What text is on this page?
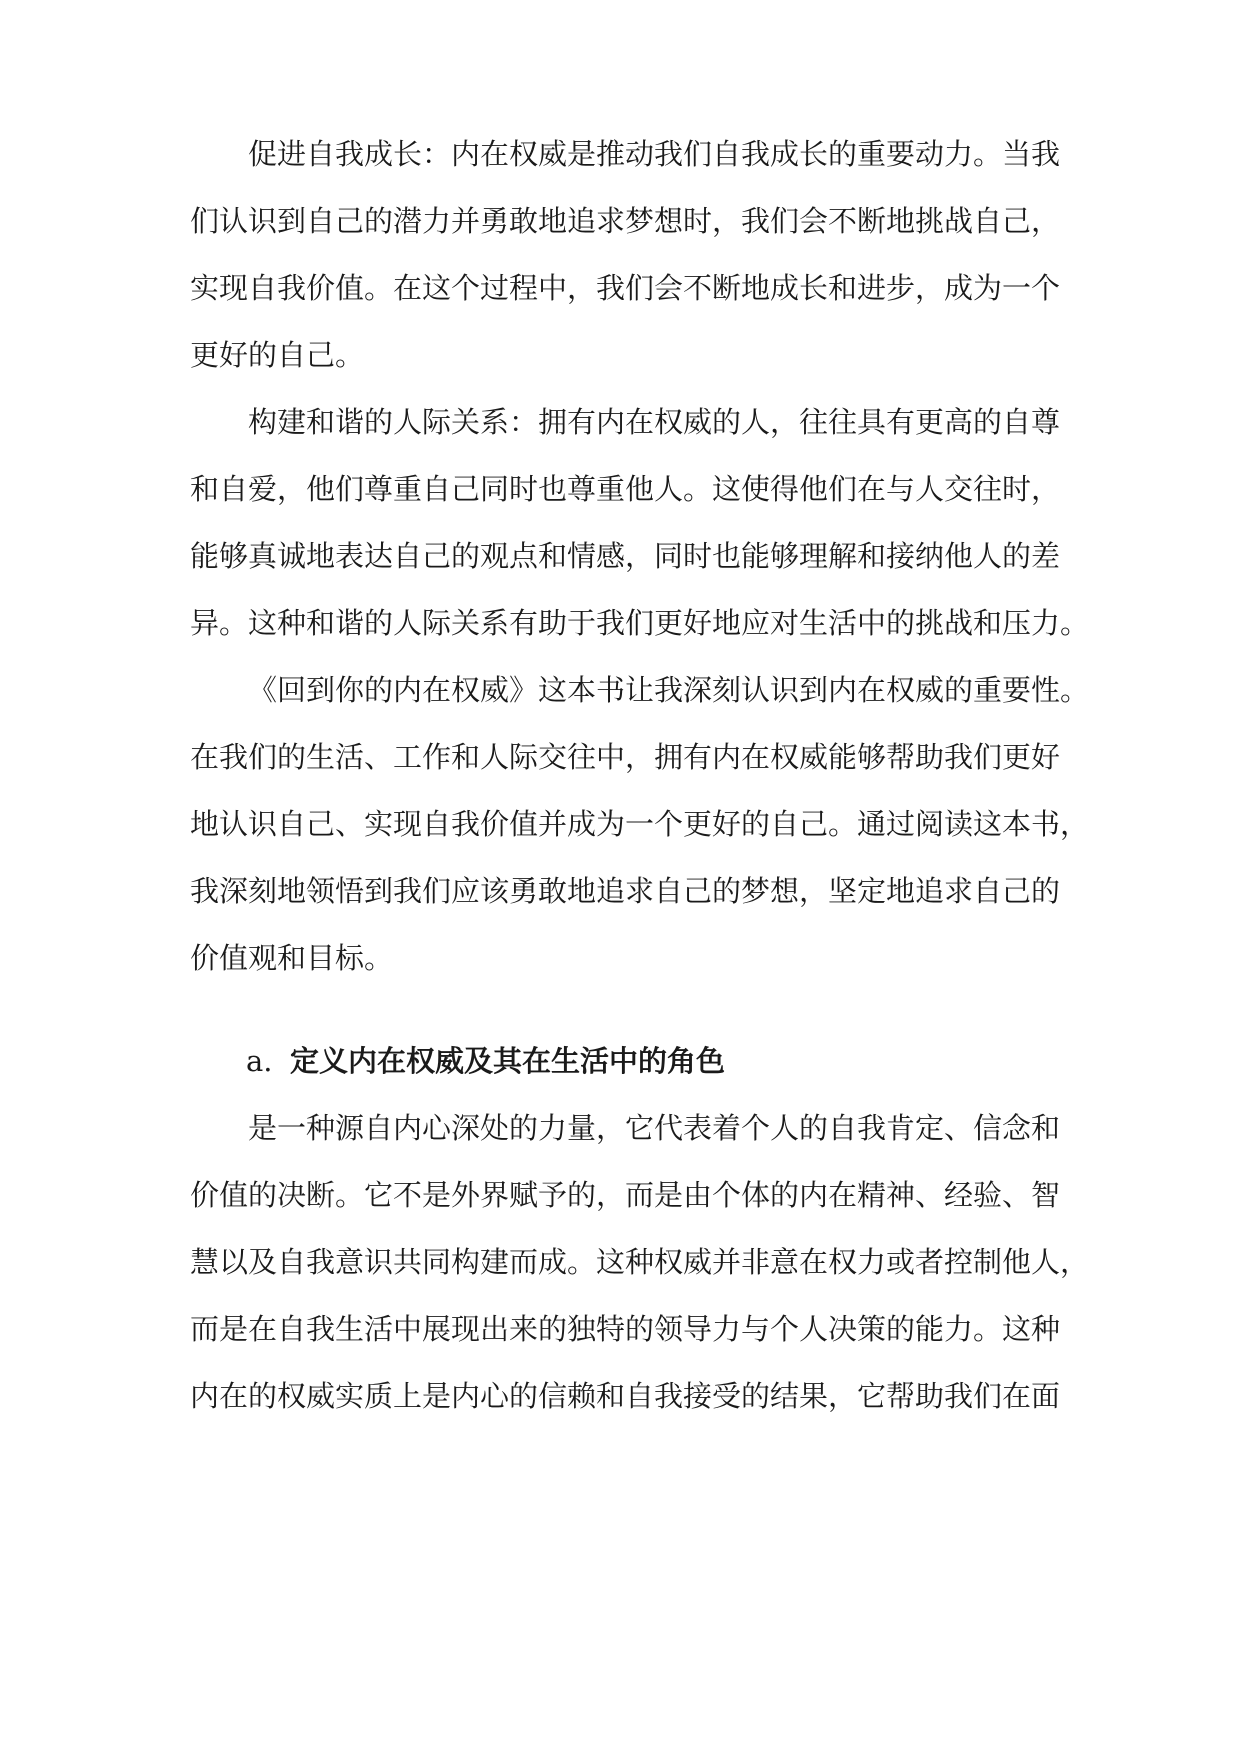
促进自我成长：内在权威是推动我们自我成长的重要动力。当我
们认识到自己的潜力并勇敢地追求梦想时，我们会不断地挑战自己，
实现自我价值。在这个过程中，我们会不断地成长和进步，成为一个
更好的自己。
构建和谐的人际关系：拥有内在权威的人，往往具有更高的自尊
和自爱，他们尊重自己同时也尊重他人。这使得他们在与人交往时，
能够真诚地表达自己的观点和情感，同时也能够理解和接纳他人的差
异。这种和谐的人际关系有助于我们更好地应对生活中的挑战和压力。
《回到你的内在权威》这本书让我深刻认识到内在权威的重要性。
在我们的生活、工作和人际交往中，拥有内在权威能够帮助我们更好
地认识自己、实现自我价值并成为一个更好的自己。通过阅读这本书，
我深刻地领悟到我们应该勇敢地追求自己的梦想，坚定地追求自己的
价值观和目标。
a. 定义内在权威及其在生活中的角色
是一种源自内心深处的力量，它代表着个人的自我肯定、信念和
价值的决断。它不是外界赋予的，而是由个体的内在精神、经验、智
慧以及自我意识共同构建而成。这种权威并非意在权力或者控制他人，
而是在自我生活中展现出来的独特的领导力与个人决策的能力。这种
内在的权威实质上是内心的信赖和自我接受的结果，它帮助我们在面
